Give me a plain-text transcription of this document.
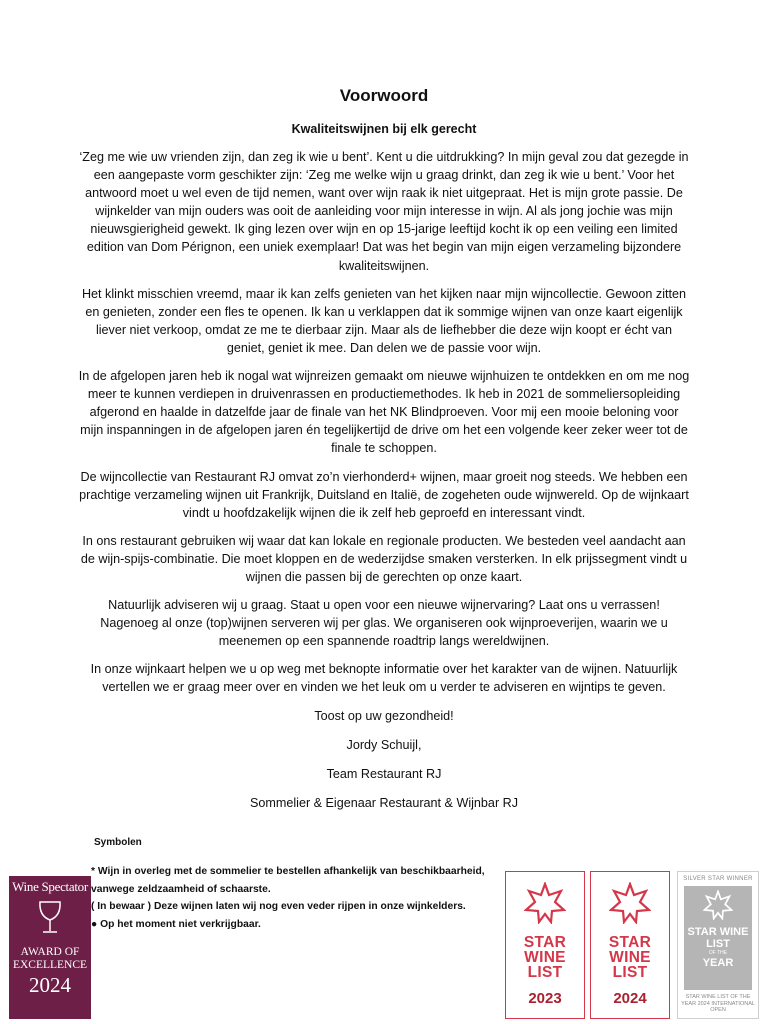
Voorwoord
Kwaliteitswijnen bij elk gerecht

‘Zeg me wie uw vrienden zijn, dan zeg ik wie u bent’. Kent u die uitdrukking? In mijn geval zou dat gezegde in een aangepaste vorm geschikter zijn: ‘Zeg me welke wijn u graag drinkt, dan zeg ik wie u bent.’ Voor het antwoord moet u wel even de tijd nemen, want over wijn raak ik niet uitgepraat. Het is mijn grote passie. De wijnkelder van mijn ouders was ooit de aanleiding voor mijn interesse in wijn. Al als jong jochie was mijn nieuwsgierigheid gewekt. Ik ging lezen over wijn en op 15-jarige leeftijd kocht ik op een veiling een limited edition van Dom Pérignon, een uniek exemplaar! Dat was het begin van mijn eigen verzameling bijzondere kwaliteitswijnen.

Het klinkt misschien vreemd, maar ik kan zelfs genieten van het kijken naar mijn wijncollectie. Gewoon zitten en genieten, zonder een fles te openen. Ik kan u verklappen dat ik sommige wijnen van onze kaart eigenlijk liever niet verkoop, omdat ze me te dierbaar zijn. Maar als de liefhebber die deze wijn koopt er écht van geniet, geniet ik mee. Dan delen we de passie voor wijn.

In de afgelopen jaren heb ik nogal wat wijnreizen gemaakt om nieuwe wijnhuizen te ontdekken en om me nog meer te kunnen verdiepen in druivenrassen en productiemethodes. Ik heb in 2021 de sommeliersopleiding afgerond en haalde in datzelfde jaar de finale van het NK Blindproeven. Voor mij een mooie beloning voor mijn inspanningen in de afgelopen jaren én tegelijkertijd de drive om het een volgende keer zeker weer tot de finale te schoppen.

De wijncollectie van Restaurant RJ omvat zo’n vierhonderd+ wijnen, maar groeit nog steeds. We hebben een prachtige verzameling wijnen uit Frankrijk, Duitsland en Italië, de zogeheten oude wijnwereld. Op de wijnkaart vindt u hoofdzakelijk wijnen die ik zelf heb geproefd en interessant vindt.

In ons restaurant gebruiken wij waar dat kan lokale en regionale producten. We besteden veel aandacht aan de wijn-spijs-combinatie. Die moet kloppen en de wederzijdse smaken versterken. In elk prijssegment vindt u wijnen die passen bij de gerechten op onze kaart.

Natuurlijk adviseren wij u graag. Staat u open voor een nieuwe wijnervaring? Laat ons u verrassen! Nagenoeg al onze (top)wijnen serveren wij per glas. We organiseren ook wijnproeverijen, waarin we u meenemen op een spannende roadtrip langs wereldwijnen.

In onze wijnkaart helpen we u op weg met beknopte informatie over het karakter van de wijnen. Natuurlijk vertellen we er graag meer over en vinden we het leuk om u verder te adviseren en wijntips te geven.

Toost op uw gezondheid!

Jordy Schuijl,

Team Restaurant RJ

Sommelier & Eigenaar Restaurant & Wijnbar RJ

Symbolen
* Wijn in overleg met de sommelier te bestellen afhankelijk van beschikbaarheid, vanwege zeldzaamheid of schaarste.
( In bewaar ) Deze wijnen laten wij nog even veder rijpen in onze wijnkelders.
● Op het moment niet verkrijgbaar.
Wine Spectator
AWARD OF EXCELLENCE
2024
STAR WINE LIST
2023
STAR WINE LIST
2024
SILVER STAR WINNER
STAR WINE LIST
OF THE
YEAR
STAR WINE LIST OF THE YEAR 2024 INTERNATIONAL OPEN
